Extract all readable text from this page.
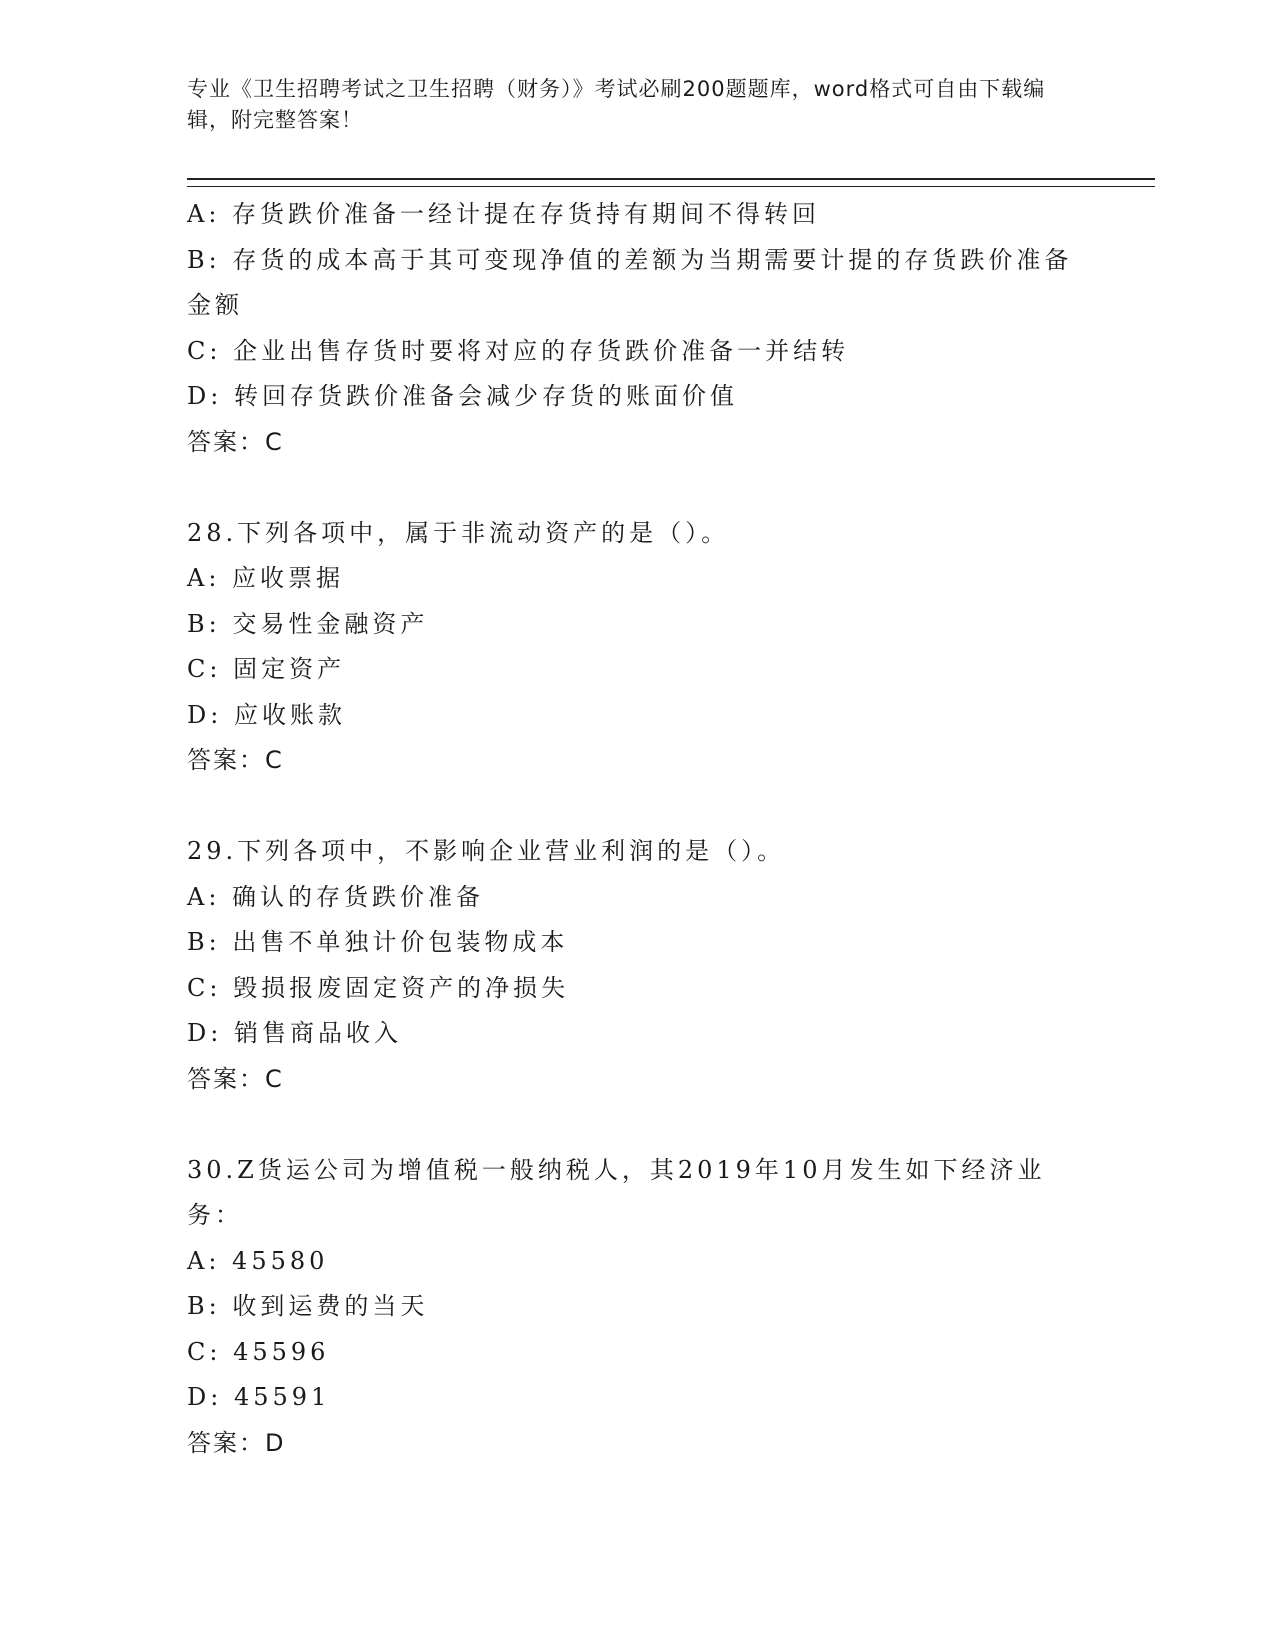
专业《卫生招聘考试之卫生招聘（财务）》考试必刷200题题库，word格式可自由下载编辑，附完整答案！
A: 存货跌价准备一经计提在存货持有期间不得转回
B: 存货的成本高于其可变现净值的差额为当期需要计提的存货跌价准备金额
C: 企业出售存货时要将对应的存货跌价准备一并结转
D: 转回存货跌价准备会减少存货的账面价值
答案：C
28.下列各项中，属于非流动资产的是（）。
A: 应收票据
B: 交易性金融资产
C: 固定资产
D: 应收账款
答案：C
29.下列各项中，不影响企业营业利润的是（）。
A: 确认的存货跌价准备
B: 出售不单独计价包装物成本
C: 毁损报废固定资产的净损失
D: 销售商品收入
答案：C
30.Z货运公司为增值税一般纳税人，其2019年10月发生如下经济业务：
A: 45580
B: 收到运费的当天
C: 45596
D: 45591
答案：D
